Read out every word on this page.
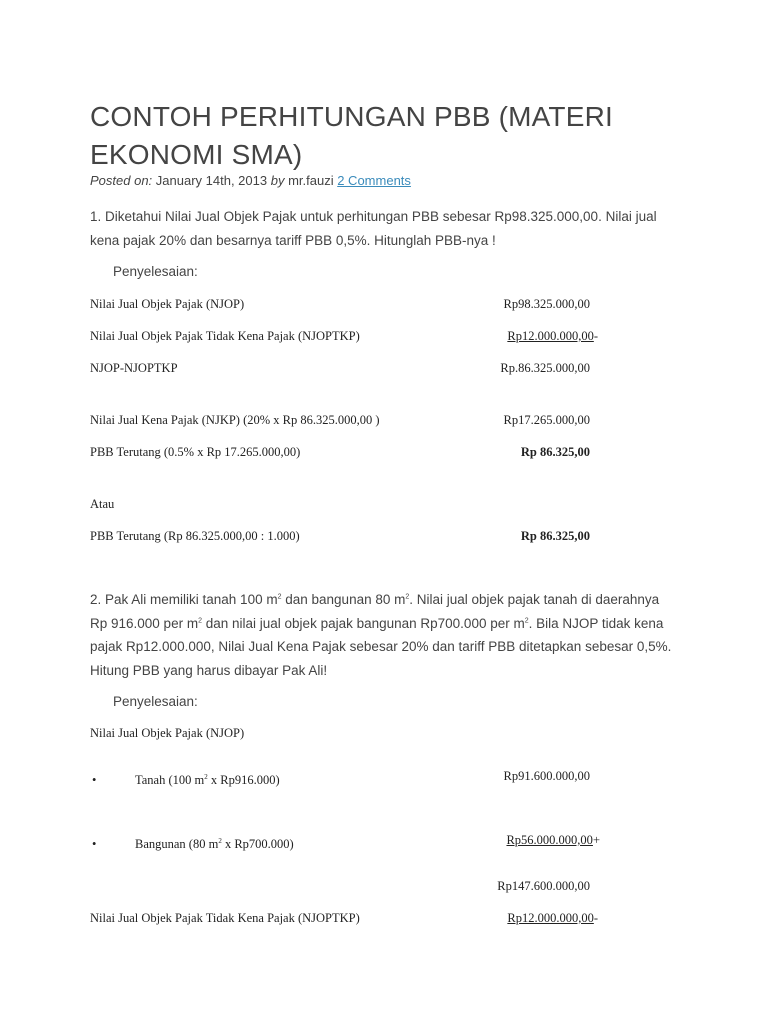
CONTOH PERHITUNGAN PBB (MATERI EKONOMI SMA)
Posted on: January 14th, 2013 by mr.fauzi 2 Comments
1. Diketahui Nilai Jual Objek Pajak untuk perhitungan PBB sebesar Rp98.325.000,00. Nilai jual kena pajak 20% dan besarnya tariff PBB 0,5%. Hitunglah PBB-nya !
Penyelesaian:
Nilai Jual Objek Pajak (NJOP)	Rp98.325.000,00
Nilai Jual Objek Pajak Tidak Kena Pajak (NJOPTKP)	Rp12.000.000,00-
NJOP-NJOPTKP	Rp.86.325.000,00
Nilai Jual Kena Pajak (NJKP) (20% x Rp 86.325.000,00 )	Rp17.265.000,00
PBB Terutang (0.5% x Rp 17.265.000,00)	Rp 86.325,00
Atau
PBB Terutang (Rp 86.325.000,00 : 1.000)	Rp 86.325,00
2. Pak Ali memiliki tanah 100 $m^2$ dan bangunan 80 $m^2$. Nilai jual objek pajak tanah di daerahnya Rp 916.000 per $m^2$ dan nilai jual objek pajak bangunan Rp700.000 per $m^2$. Bila NJOP tidak kena pajak Rp12.000.000, Nilai Jual Kena Pajak sebesar 20% dan tariff PBB ditetapkan sebesar 0,5%. Hitung PBB yang harus dibayar Pak Ali!
Penyelesaian:
Nilai Jual Objek Pajak (NJOP)
•	Tanah (100 $m^2$ x Rp916.000)	Rp91.600.000,00
•	Bangunan (80 $m^2$ x Rp700.000)	Rp56.000.000,00+
Rp147.600.000,00
Nilai Jual Objek Pajak Tidak Kena Pajak (NJOPTKP)	Rp12.000.000,00-
